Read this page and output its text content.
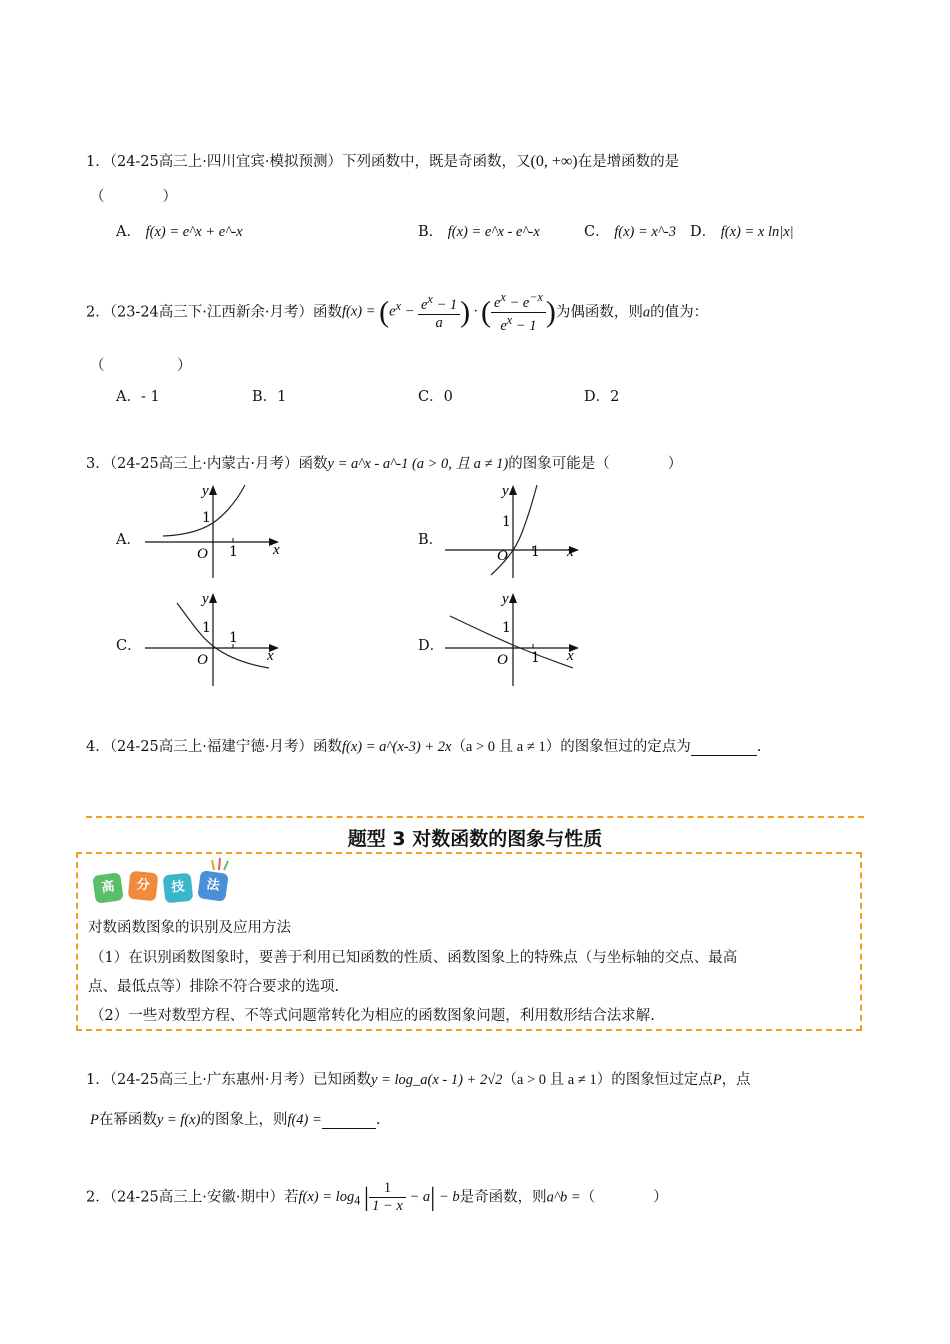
1．（24-25高三上·四川宜宾·模拟预测）下列函数中，既是奇函数，又(0, +∞)在是增函数的是
（　　　　）
A． f(x) = e^x + e^-x	B． f(x) = e^x - e^-x	C． f(x) = x^-3 D． f(x) = x ln|x|
2．（23-24高三下·江西新余·月考）函数$f(x) = (e^x - \frac{e^x - 1}{a}$ ) · ( $\frac{e^x - e^{-x}}{e^x - 1}$ )为偶函数，则a的值为：
（　　　　　）
A．- 1	B．1	C．0	D．2
3．（24-25高三上·内蒙古·月考）函数y = a^x - a^-1 (a > 0, 且 a ≠ 1)的图象可能是（　　　　）
A．
y
x
O 1
1
B．
y
x
O 1
1
C．
y
x
O
1
1
D．
y
x
O 1
1
4．（24-25高三上·福建宁德·月考）函数f(x) = a^(x-3) + 2x（a > 0 且 a ≠ 1）的图象恒过的定点为	.
题型 3 对数函数的图象与性质
高	分	技	法
对数函数图象的识别及应用方法
（1）在识别函数图象时，要善于利用已知函数的性质、函数图象上的特殊点（与坐标轴的交点、最高
点、最低点等）排除不符合要求的选项.
（2）一些对数型方程、不等式问题常转化为相应的函数图象问题，利用数形结合法求解.
1．（24-25高三上·广东惠州·月考）已知函数y = log_a(x - 1) + 2√2（a > 0 且 a ≠ 1）的图象恒过定点P，点
P在幂函数y = f(x)的图象上，则f(4) =	.
2．（24-25高三上·安徽·期中）若$f(x) = \log_4$ | $\frac{1}{1 - x} - a| - b$是奇函数，则a^b =（　　　　）
